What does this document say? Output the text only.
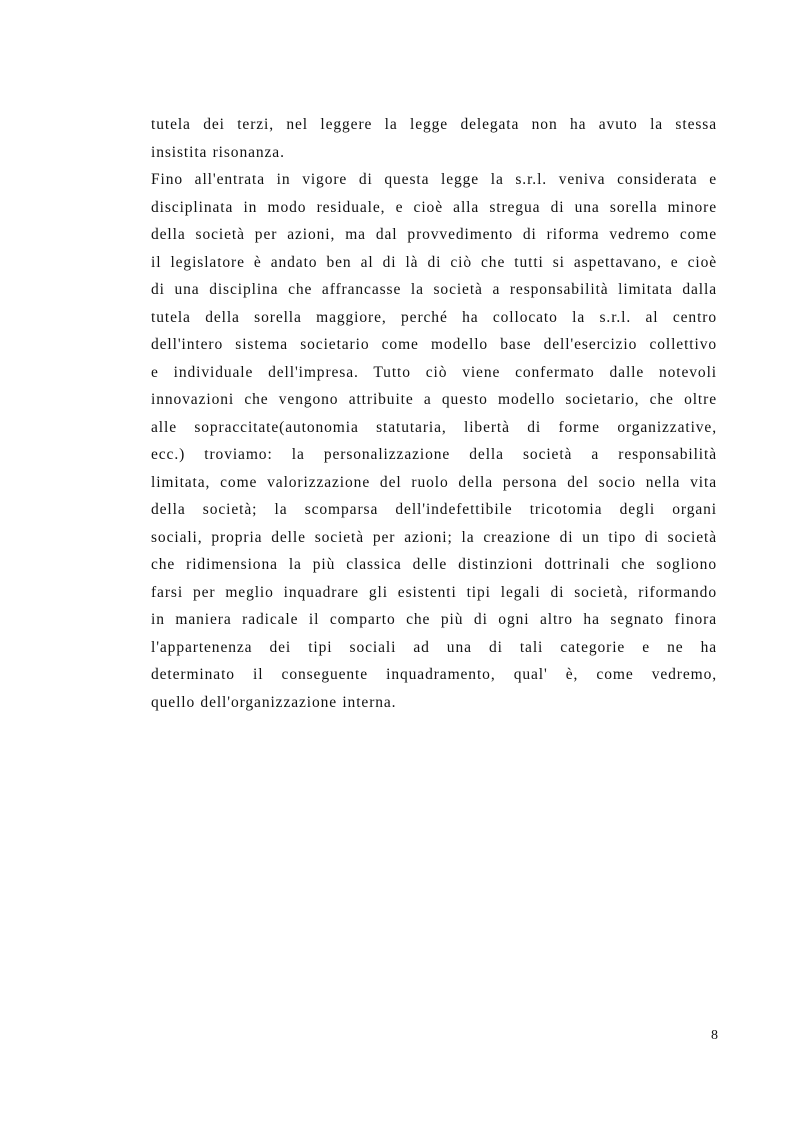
tutela dei terzi, nel leggere la legge delegata non ha avuto la stessa
insistita risonanza.
Fino all'entrata in vigore di questa legge la s.r.l. veniva considerata e
disciplinata in modo residuale, e cioè alla stregua di una sorella minore
della società per azioni, ma dal provvedimento di riforma vedremo come
il legislatore è andato ben al di là di ciò che tutti si aspettavano, e cioè
di una disciplina che affrancasse la società a responsabilità limitata dalla
tutela della sorella maggiore, perché ha collocato la s.r.l. al centro
dell'intero sistema societario come modello base dell'esercizio collettivo
e individuale dell'impresa. Tutto ciò viene confermato dalle notevoli
innovazioni che vengono attribuite a questo modello societario, che oltre
alle sopraccitate(autonomia statutaria, libertà di forme organizzative,
ecc.) troviamo: la personalizzazione della società a responsabilità
limitata, come valorizzazione del ruolo della persona del socio nella vita
della società; la scomparsa dell'indefettibile tricotomia degli organi
sociali, propria delle società per azioni; la creazione di un tipo di società
che ridimensiona la più classica delle distinzioni dottrinali che sogliono
farsi per meglio inquadrare gli esistenti tipi legali di società, riformando
in maniera radicale il comparto che più di ogni altro ha segnato finora
l'appartenenza dei tipi sociali ad una di tali categorie e ne ha
determinato il conseguente inquadramento, qual' è, come vedremo,
quello dell'organizzazione interna.
8
